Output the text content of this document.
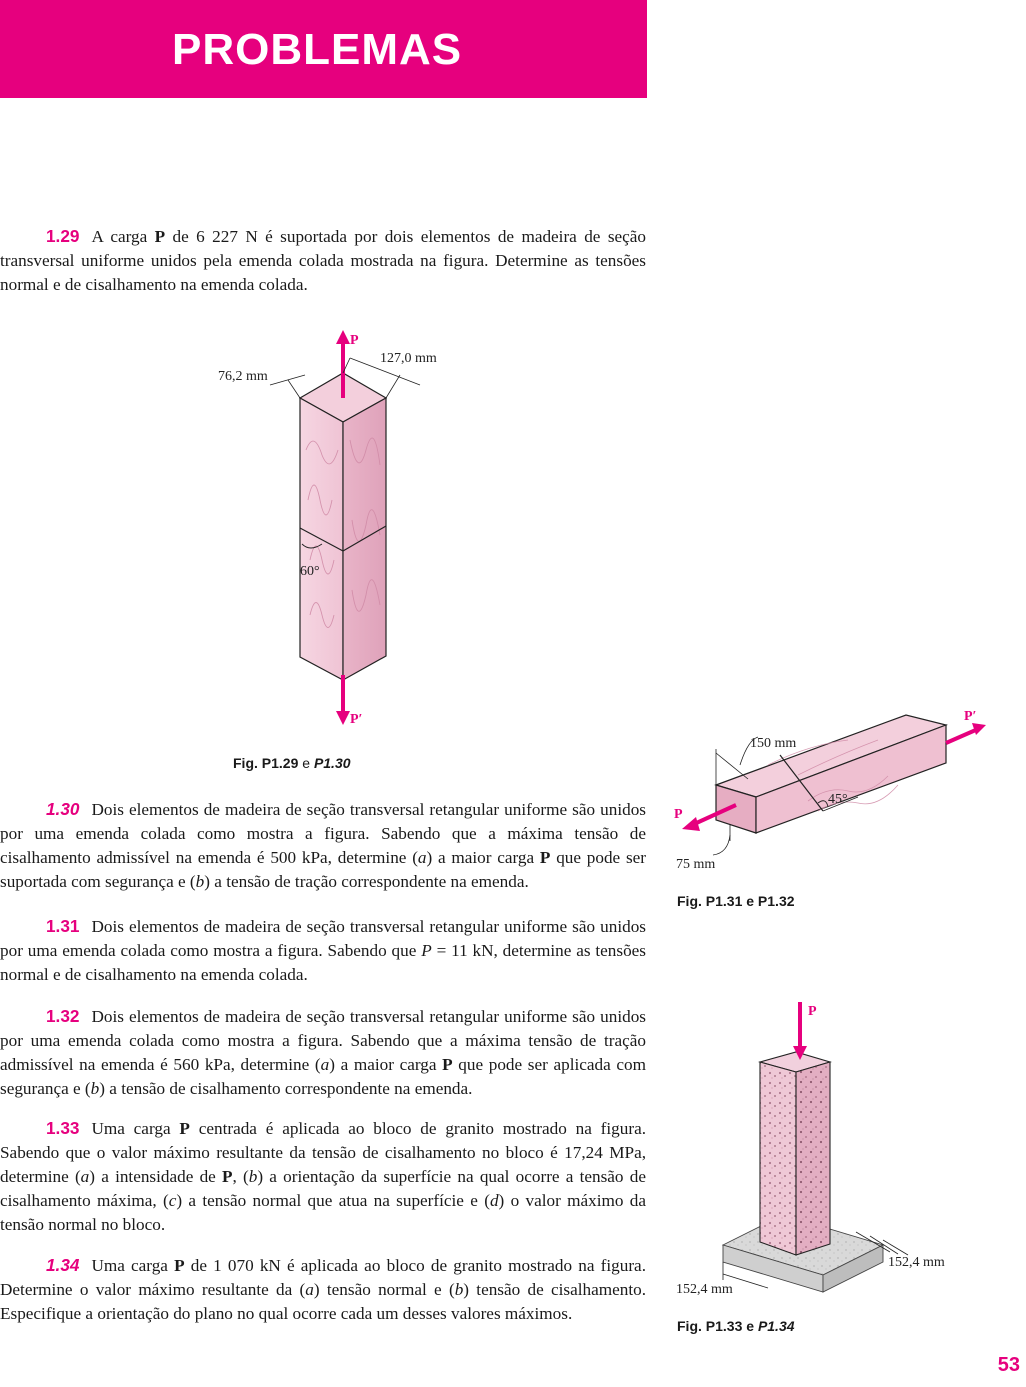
PROBLEMAS

1.29 A carga P de 6 227 N é suportada por dois elementos de madeira de seção transversal uniforme unidos pela emenda colada mostrada na figura. Determine as tensões normal e de cisalhamento na emenda colada.

60°
P
P′
127,0 mm
76,2 mm

Fig. P1.29 e P1.30

1.30 Dois elementos de madeira de seção transversal retangular uniforme são unidos por uma emenda colada como mostra a figura. Sabendo que a máxima tensão de cisalhamento admissível na emenda é 500 kPa, determine (a) a maior carga P que pode ser suportada com segurança e (b) a tensão de tração correspondente na emenda.

1.31 Dois elementos de madeira de seção transversal retangular uniforme são unidos por uma emenda colada como mostra a figura. Sabendo que P = 11 kN, determine as tensões normal e de cisalhamento na emenda colada.

1.32 Dois elementos de madeira de seção transversal retangular uniforme são unidos por uma emenda colada como mostra a figura. Sabendo que a máxima tensão de tração admissível na emenda é 560 kPa, determine (a) a maior carga P que pode ser aplicada com segurança e (b) a tensão de cisalhamento correspondente na emenda.

1.33 Uma carga P centrada é aplicada ao bloco de granito mostrado na figura. Sabendo que o valor máximo resultante da tensão de cisalhamento no bloco é 17,24 MPa, determine (a) a intensidade de P, (b) a orientação da superfície na qual ocorre a tensão de cisalhamento máxima, (c) a tensão normal que atua na superfície e (d) o valor máximo da tensão normal no bloco.

1.34 Uma carga P de 1 070 kN é aplicada ao bloco de granito mostrado na figura. Determine o valor máximo resultante da (a) tensão normal e (b) tensão de cisalhamento. Especifique a orientação do plano no qual ocorre cada um desses valores máximos.

45°
P′
P
150 mm
75 mm

Fig. P1.31 e P1.32

P
152,4 mm
152,4 mm

Fig. P1.33 e P1.34

53
